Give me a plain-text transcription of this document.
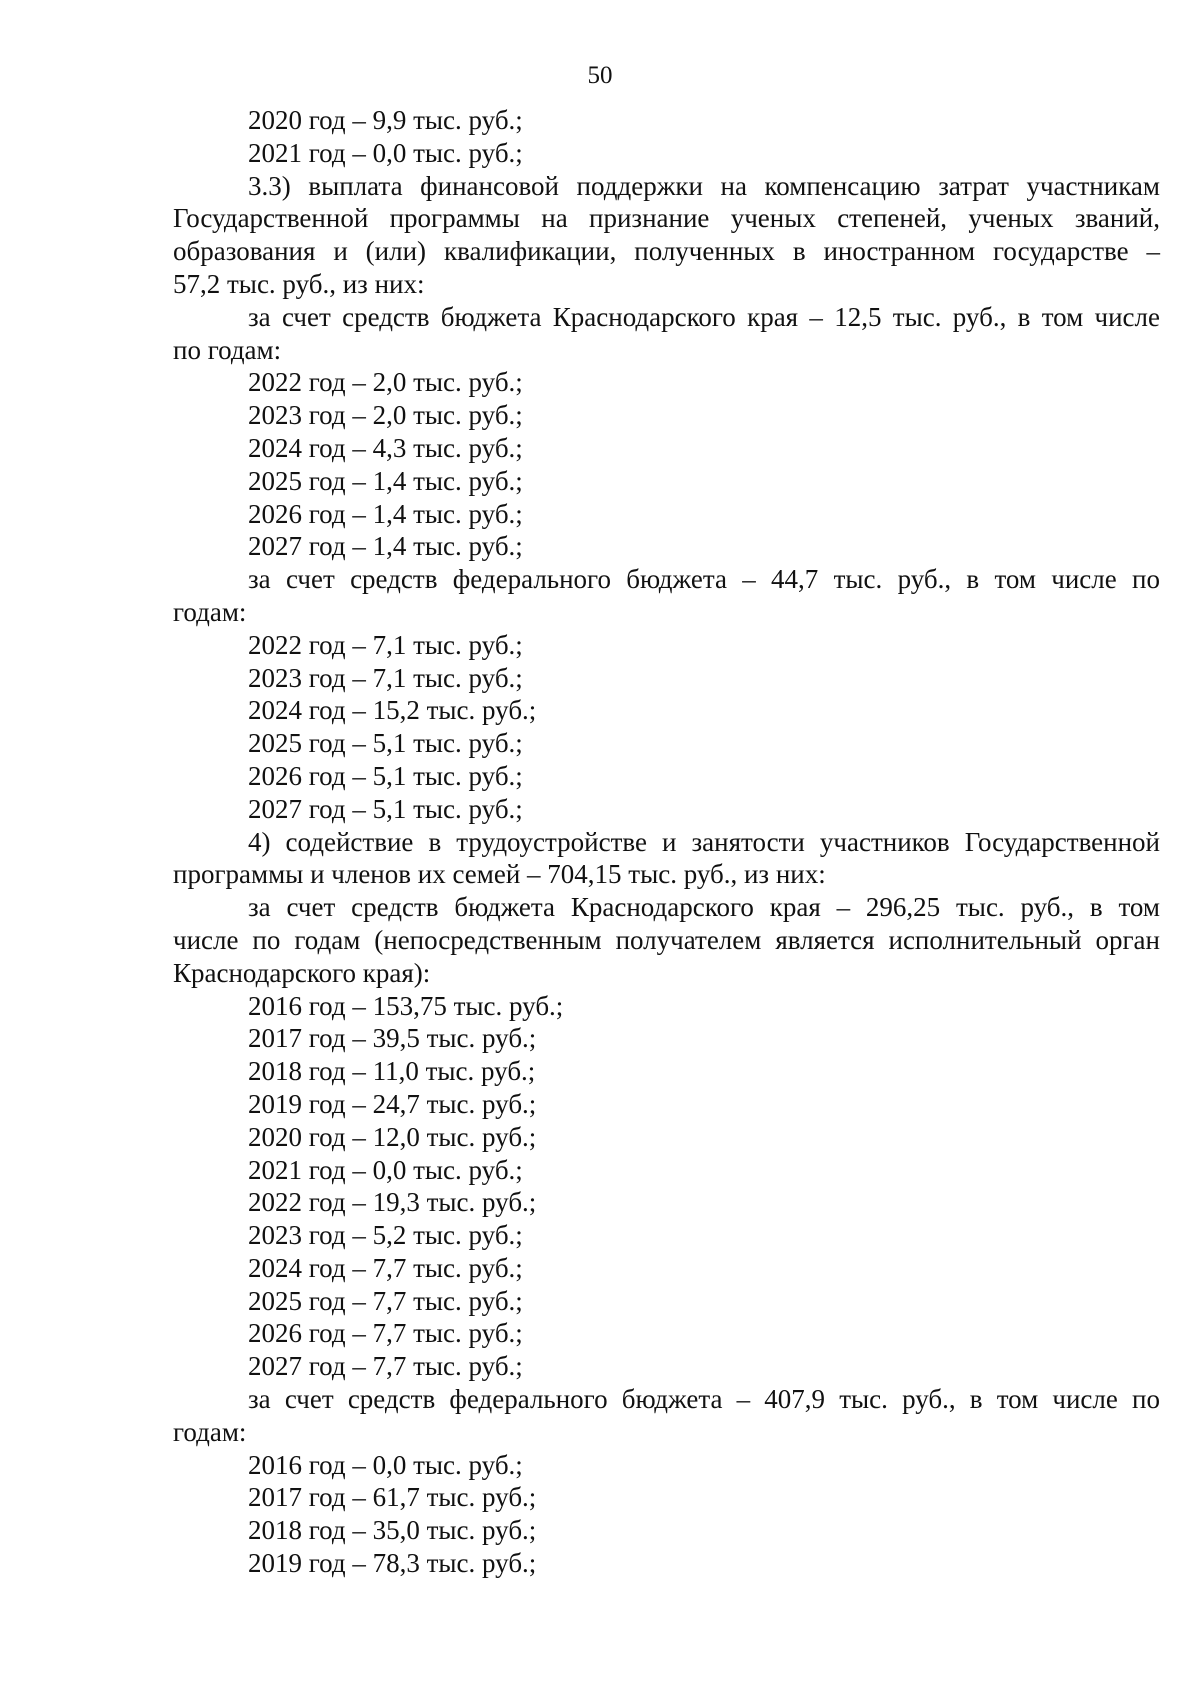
50
2020 год – 9,9 тыс. руб.;
2021 год – 0,0 тыс. руб.;
3.3) выплата финансовой поддержки на компенсацию затрат участникам
Государственной программы на признание ученых степеней, ученых званий,
образования и (или) квалификации, полученных в иностранном государстве –
57,2 тыс. руб., из них:
за счет средств бюджета Краснодарского края – 12,5 тыс. руб., в том числе
по годам:
2022 год – 2,0 тыс. руб.;
2023 год – 2,0 тыс. руб.;
2024 год – 4,3 тыс. руб.;
2025 год – 1,4 тыс. руб.;
2026 год – 1,4 тыс. руб.;
2027 год – 1,4 тыс. руб.;
за счет средств федерального бюджета – 44,7 тыс. руб., в том числе по
годам:
2022 год – 7,1 тыс. руб.;
2023 год – 7,1 тыс. руб.;
2024 год – 15,2 тыс. руб.;
2025 год – 5,1 тыс. руб.;
2026 год – 5,1 тыс. руб.;
2027 год – 5,1 тыс. руб.;
4) содействие в трудоустройстве и занятости участников Государственной
программы и членов их семей – 704,15 тыс. руб., из них:
за счет средств бюджета Краснодарского края – 296,25 тыс. руб., в том
числе по годам (непосредственным получателем является исполнительный орган
Краснодарского края):
2016 год – 153,75 тыс. руб.;
2017 год – 39,5 тыс. руб.;
2018 год – 11,0 тыс. руб.;
2019 год – 24,7 тыс. руб.;
2020 год – 12,0 тыс. руб.;
2021 год – 0,0 тыс. руб.;
2022 год – 19,3 тыс. руб.;
2023 год – 5,2 тыс. руб.;
2024 год – 7,7 тыс. руб.;
2025 год – 7,7 тыс. руб.;
2026 год – 7,7 тыс. руб.;
2027 год – 7,7 тыс. руб.;
за счет средств федерального бюджета – 407,9 тыс. руб., в том числе по
годам:
2016 год – 0,0 тыс. руб.;
2017 год – 61,7 тыс. руб.;
2018 год – 35,0 тыс. руб.;
2019 год – 78,3 тыс. руб.;
